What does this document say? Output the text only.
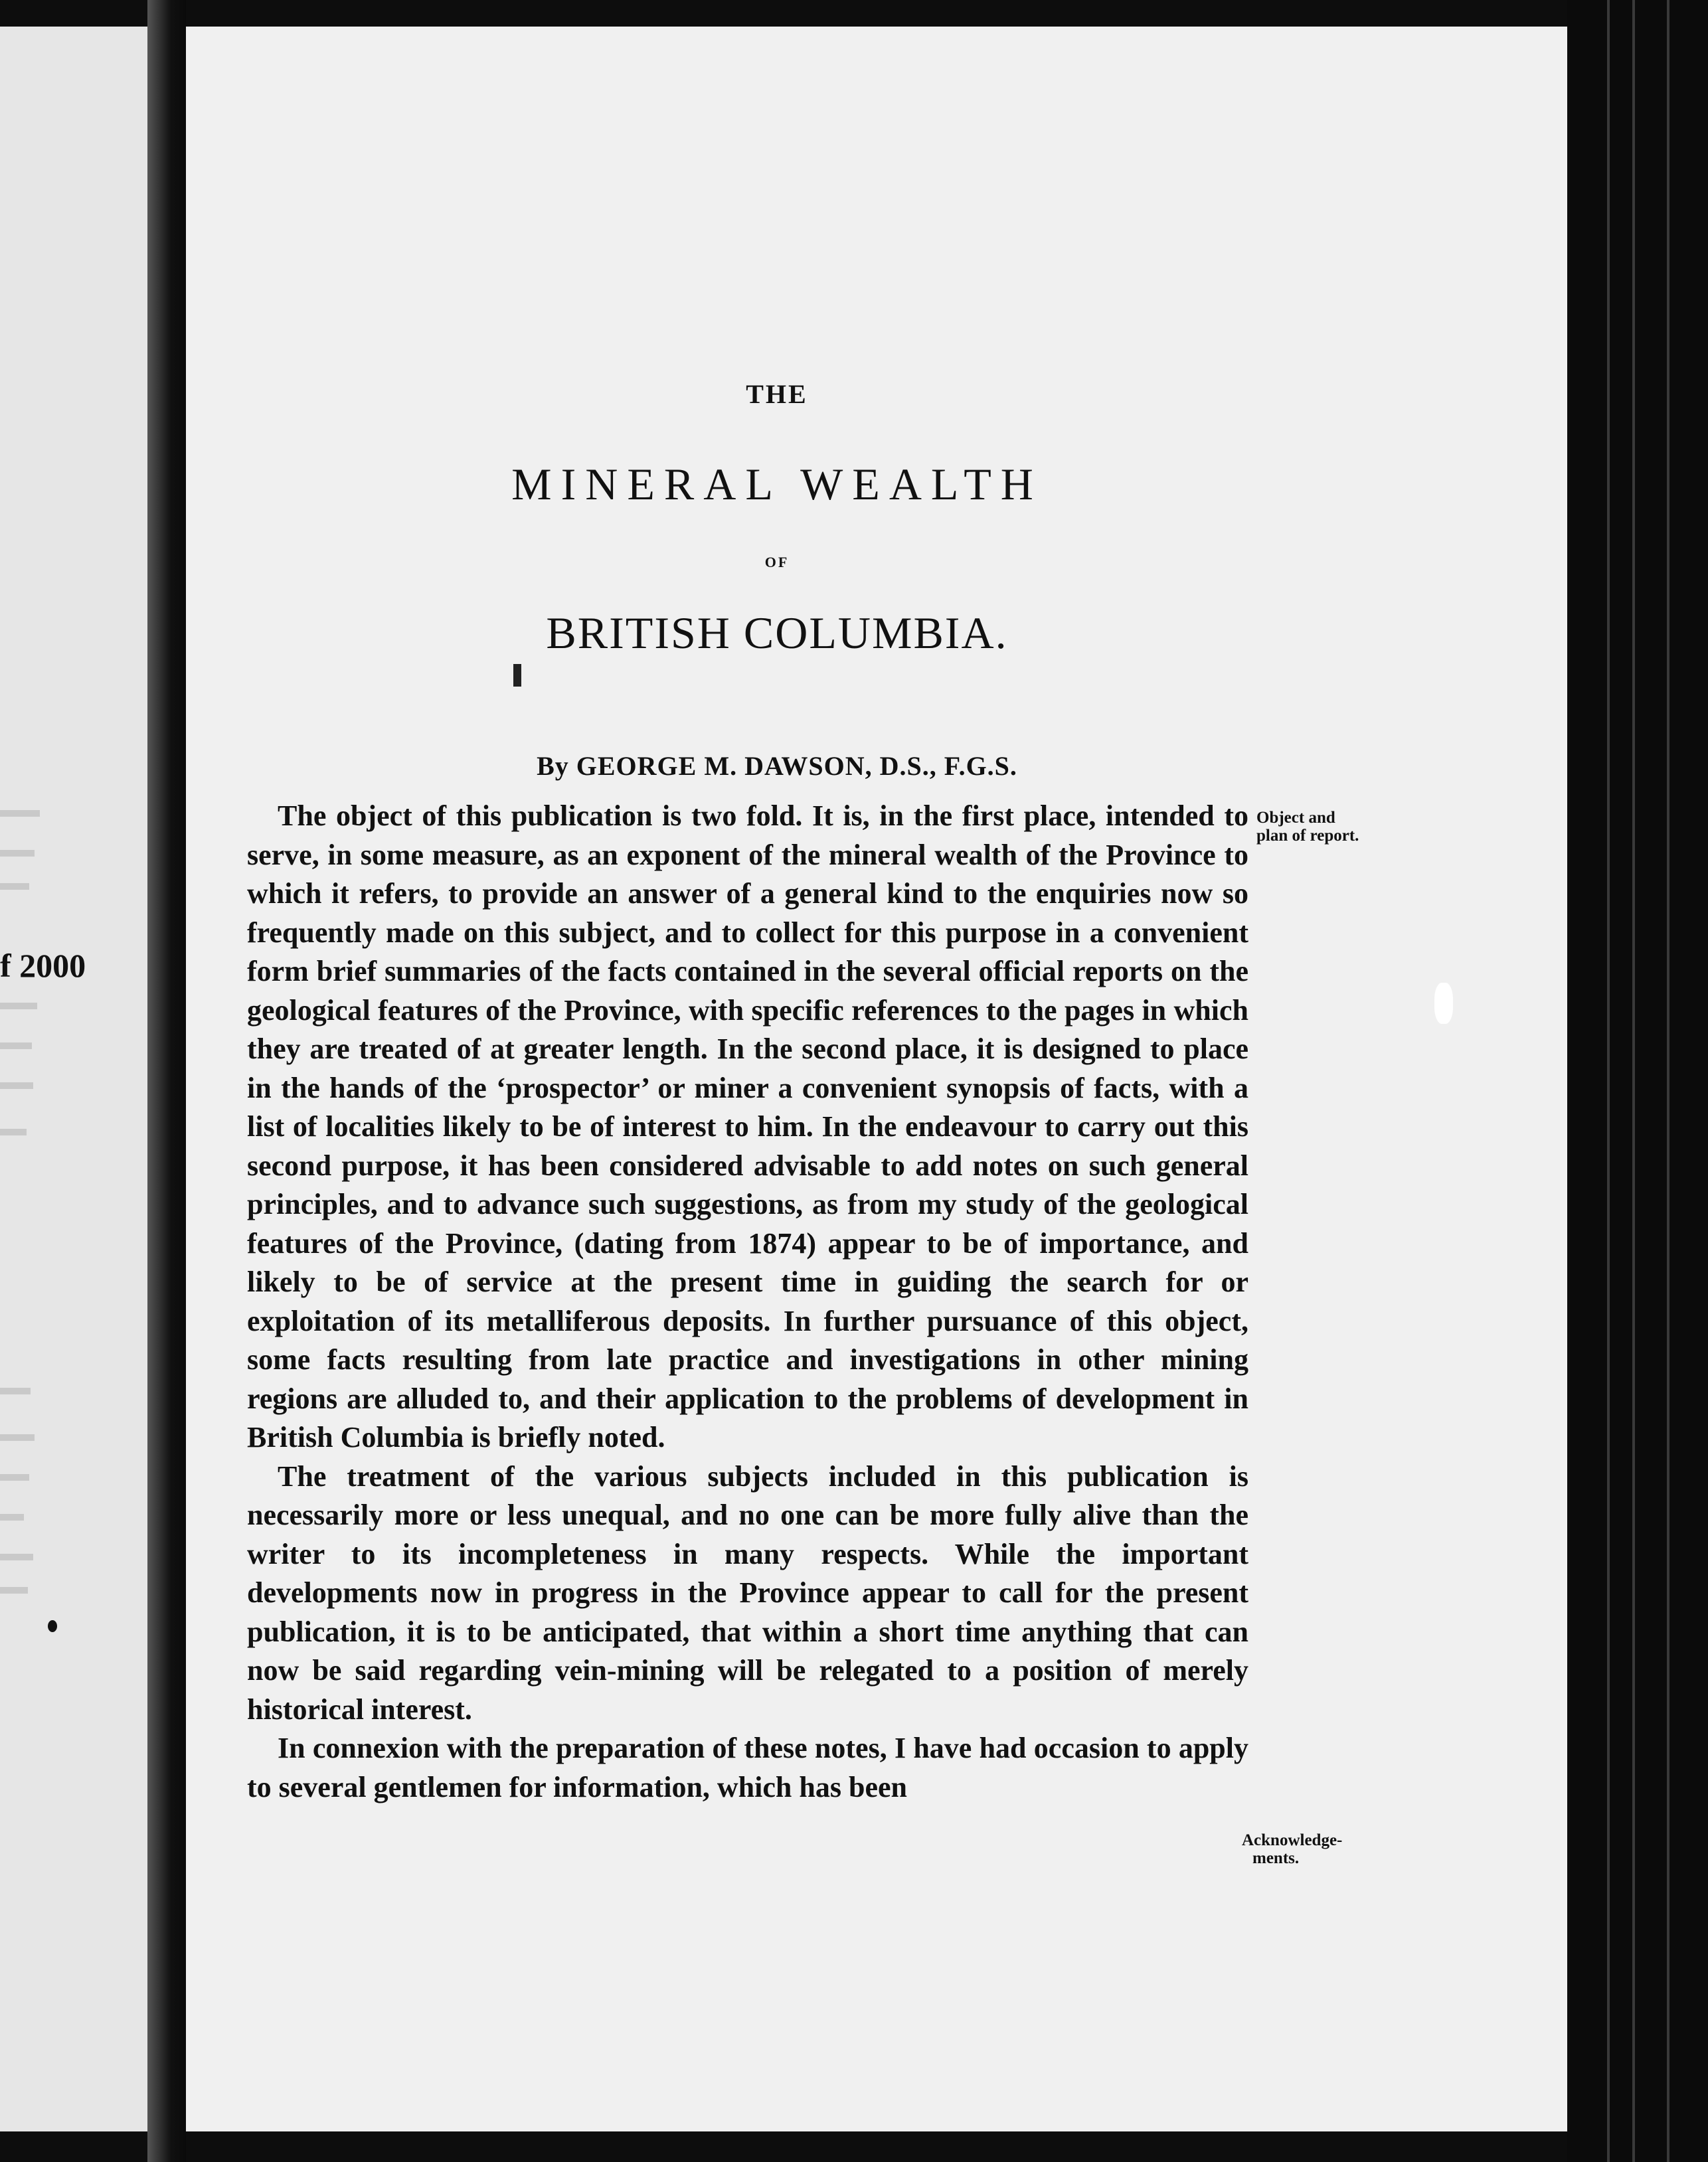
f 2000
THE
MINERAL WEALTH
OF
BRITISH COLUMBIA.
By GEORGE M. DAWSON, D.S., F.G.S.

The object of this publication is two fold. It is, in the first place, intended to serve, in some measure, as an exponent of the mineral wealth of the Province to which it refers, to provide an answer of a general kind to the enquiries now so frequently made on this subject, and to collect for this purpose in a convenient form brief summaries of the facts contained in the several official reports on the geological features of the Province, with specific references to the pages in which they are treated of at greater length. In the second place, it is designed to place in the hands of the ‘prospector’ or miner a convenient synopsis of facts, with a list of localities likely to be of interest to him. In the endeavour to carry out this second purpose, it has been considered advisable to add notes on such general principles, and to advance such suggestions, as from my study of the geological features of the Province, (dating from 1874) appear to be of importance, and likely to be of service at the present time in guiding the search for or exploitation of its metalliferous deposits. In further pursuance of this object, some facts resulting from late practice and investigations in other mining regions are alluded to, and their application to the problems of development in British Columbia is briefly noted.

The treatment of the various subjects included in this publication is necessarily more or less unequal, and no one can be more fully alive than the writer to its incompleteness in many respects. While the important developments now in progress in the Province appear to call for the present publication, it is to be anticipated, that within a short time anything that can now be said regarding vein-mining will be relegated to a position of merely historical interest.

In connexion with the preparation of these notes, I have had occasion to apply to several gentlemen for information, which has been

Object and
plan of report.
Acknowledge-
ments.
